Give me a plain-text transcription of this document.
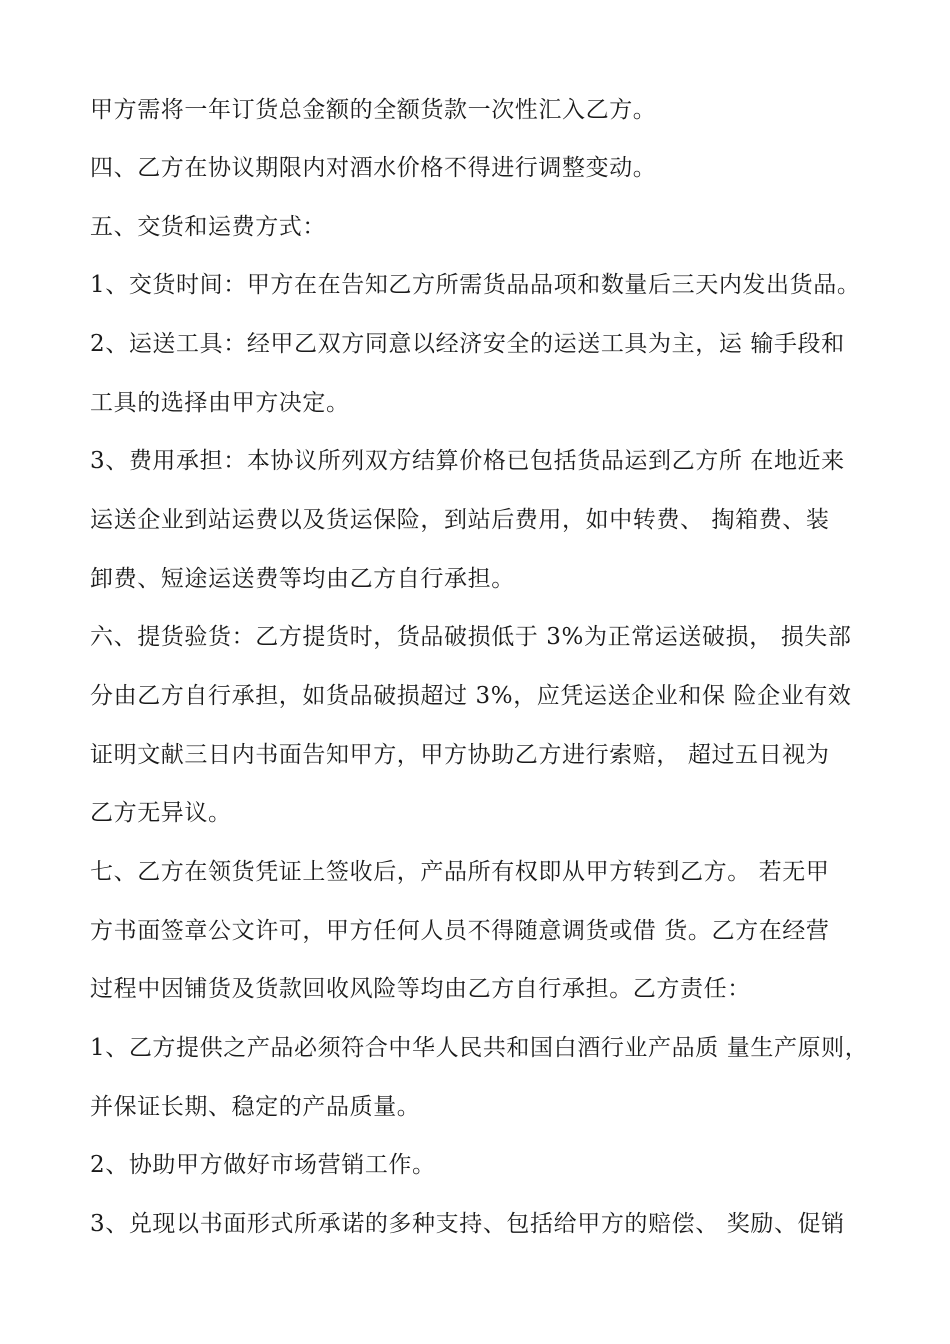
甲方需将一年订货总金额的全额货款一次性汇入乙方。
四、乙方在协议期限内对酒水价格不得进行调整变动。
五、交货和运费方式：
1、交货时间：甲方在在告知乙方所需货品品项和数量后三天内发出货品。
2、运送工具：经甲乙双方同意以经济安全的运送工具为主，运 输手段和
工具的选择由甲方决定。
3、费用承担：本协议所列双方结算价格已包括货品运到乙方所 在地近来
运送企业到站运费以及货运保险，到站后费用，如中转费、 掏箱费、装
卸费、短途运送费等均由乙方自行承担。
六、提货验货：乙方提货时，货品破损低于 3%为正常运送破损， 损失部
分由乙方自行承担，如货品破损超过 3%，应凭运送企业和保 险企业有效
证明文献三日内书面告知甲方，甲方协助乙方进行索赔， 超过五日视为
乙方无异议。
七、乙方在领货凭证上签收后，产品所有权即从甲方转到乙方。 若无甲
方书面签章公文许可，甲方任何人员不得随意调货或借 货。乙方在经营
过程中因铺货及货款回收风险等均由乙方自行承担。乙方责任：
1、乙方提供之产品必须符合中华人民共和国白酒行业产品质 量生产原则，
并保证长期、稳定的产品质量。
2、协助甲方做好市场营销工作。
3、兑现以书面形式所承诺的多种支持、包括给甲方的赔偿、 奖励、促销
